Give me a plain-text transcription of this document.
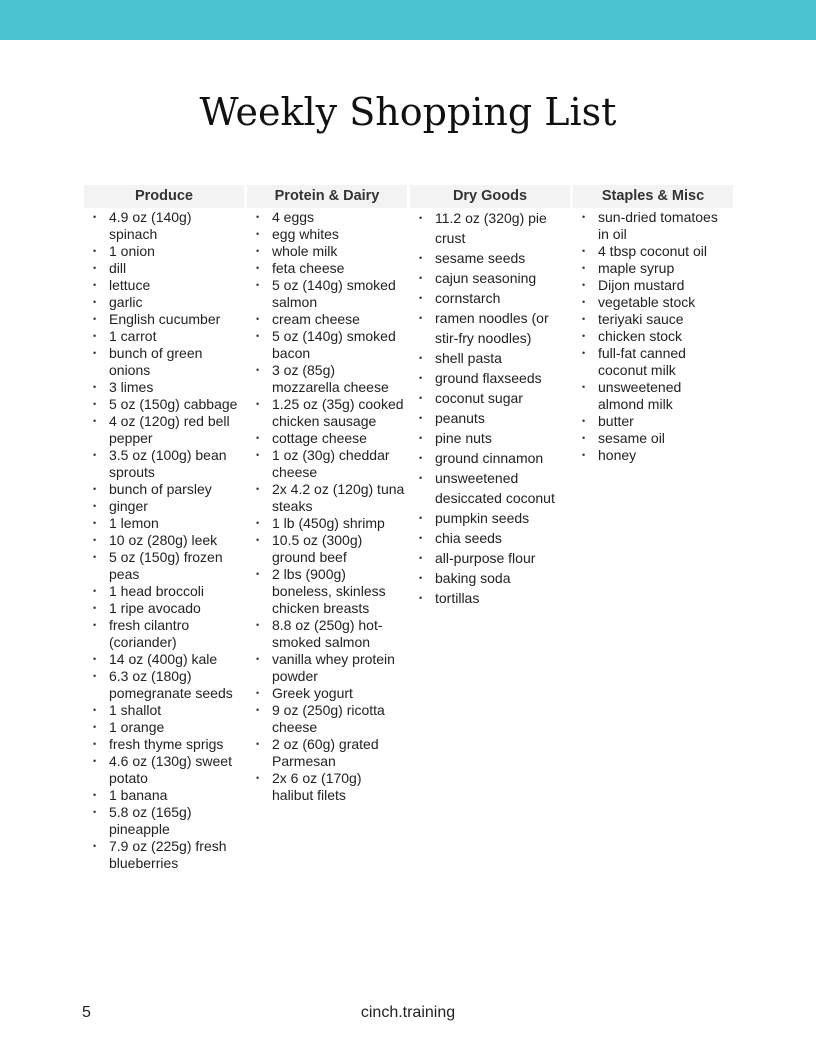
Weekly Shopping List
Produce
• 4.9 oz (140g) spinach
• 1 onion
• dill
• lettuce
• garlic
• English cucumber
• 1 carrot
• bunch of green onions
• 3 limes
• 5 oz (150g) cabbage
• 4 oz (120g) red bell pepper
• 3.5 oz (100g) bean sprouts
• bunch of parsley
• ginger
• 1 lemon
• 10 oz (280g) leek
• 5 oz (150g) frozen peas
• 1 head broccoli
• 1 ripe avocado
• fresh cilantro (coriander)
• 14 oz (400g) kale
• 6.3 oz (180g) pomegranate seeds
• 1 shallot
• 1 orange
• fresh thyme sprigs
• 4.6 oz (130g) sweet potato
• 1 banana
• 5.8 oz (165g) pineapple
• 7.9 oz (225g) fresh blueberries
Protein & Dairy
• 4 eggs
• egg whites
• whole milk
• feta cheese
• 5 oz (140g) smoked salmon
• cream cheese
• 5 oz (140g) smoked bacon
• 3 oz (85g) mozzarella cheese
• 1.25 oz (35g) cooked chicken sausage
• cottage cheese
• 1 oz (30g) cheddar cheese
• 2x 4.2 oz (120g) tuna steaks
• 1 lb (450g) shrimp
• 10.5 oz (300g) ground beef
• 2 lbs (900g) boneless, skinless chicken breasts
• 8.8 oz (250g) hot-smoked salmon
• vanilla whey protein powder
• Greek yogurt
• 9 oz (250g) ricotta cheese
• 2 oz (60g) grated Parmesan
• 2x 6 oz (170g) halibut filets
Dry Goods
• 11.2 oz (320g) pie crust
• sesame seeds
• cajun seasoning
• cornstarch
• ramen noodles (or stir-fry noodles)
• shell pasta
• ground flaxseeds
• coconut sugar
• peanuts
• pine nuts
• ground cinnamon
• unsweetened desiccated coconut
• pumpkin seeds
• chia seeds
• all-purpose flour
• baking soda
• tortillas
Staples & Misc
• sun-dried tomatoes in oil
• 4 tbsp coconut oil
• maple syrup
• Dijon mustard
• vegetable stock
• teriyaki sauce
• chicken stock
• full-fat canned coconut milk
• unsweetened almond milk
• butter
• sesame oil
• honey
5	cinch.training
